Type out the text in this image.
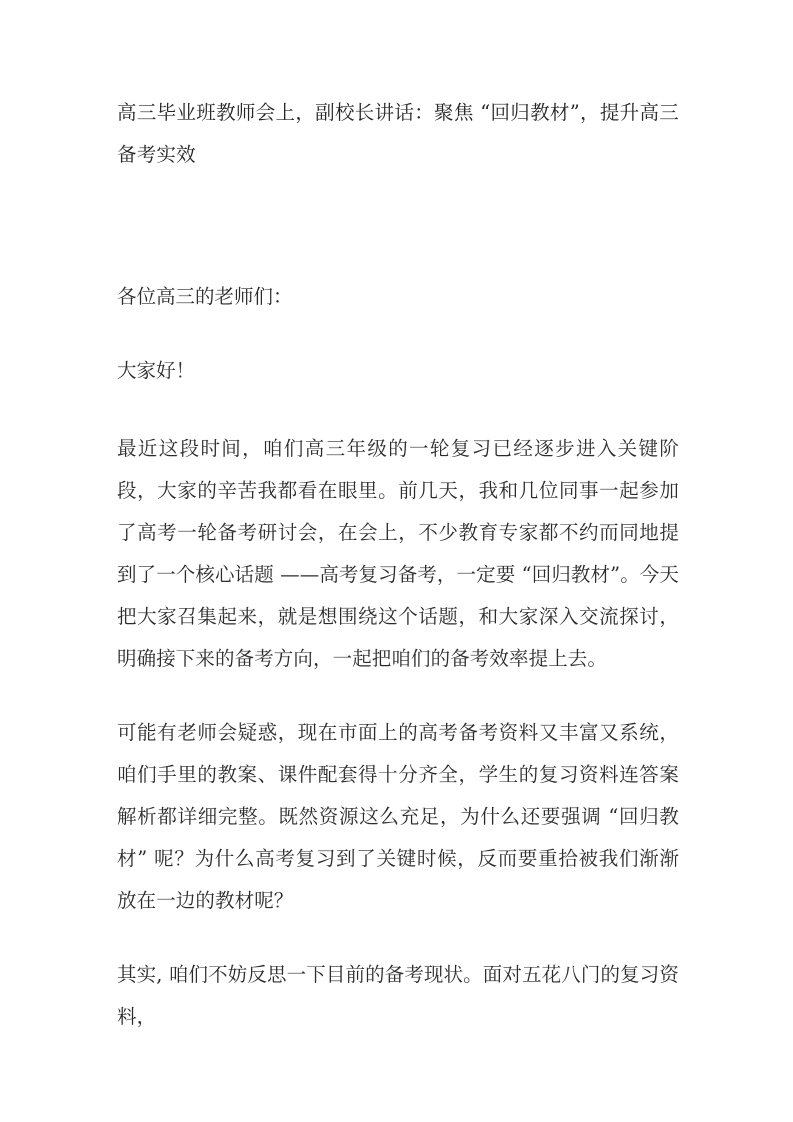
高三毕业班教师会上，副校长讲话：聚焦 “回归教材”，提升高三备考实效

各位高三的老师们：

大家好！

最近这段时间，咱们高三年级的一轮复习已经逐步进入关键阶段，大家的辛苦我都看在眼里。前几天，我和几位同事一起参加了高考一轮备考研讨会，在会上，不少教育专家都不约而同地提到了一个核心话题 ——高考复习备考，一定要 “回归教材”。今天把大家召集起来，就是想围绕这个话题，和大家深入交流探讨，明确接下来的备考方向，一起把咱们的备考效率提上去。

可能有老师会疑惑，现在市面上的高考备考资料又丰富又系统，咱们手里的教案、课件配套得十分齐全，学生的复习资料连答案解析都详细完整。既然资源这么充足，为什么还要强调 “回归教材” 呢？为什么高考复习到了关键时候，反而要重拾被我们渐渐放在一边的教材呢？

其实, 咱们不妨反思一下目前的备考现状。面对五花八门的复习资料，
